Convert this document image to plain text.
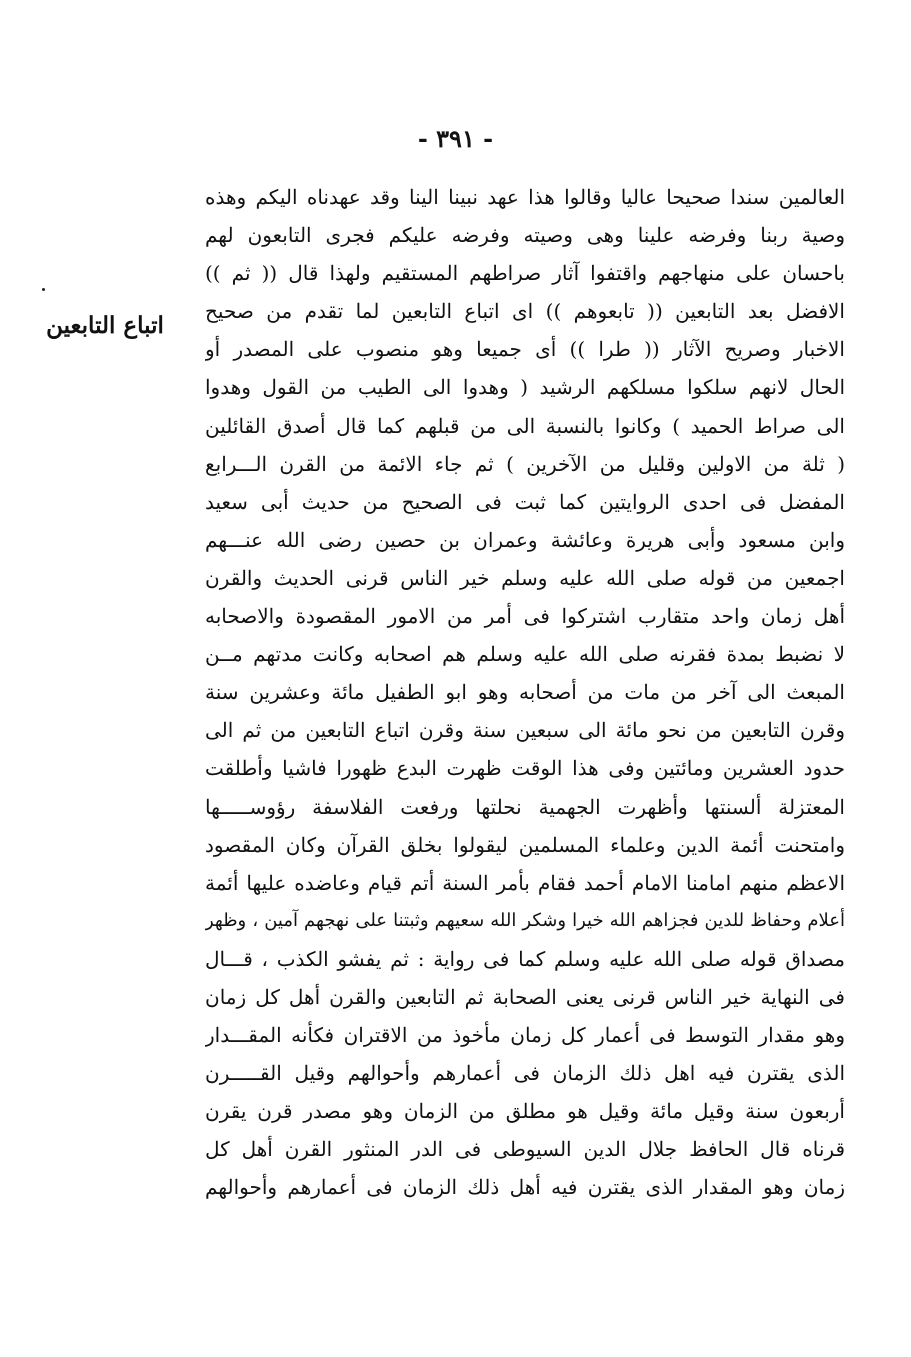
- ٣٩١ -
اتباع التابعين
العالمين سندا صحيحا عاليا وقالوا هذا عهد نبينا الينا وقد عهدناه اليكم وهذه
وصية ربنا وفرضه علينا وهى وصيته وفرضه عليكم فجرى التابعون لهم
باحسان على منهاجهم واقتفوا آثار صراطهم المستقيم ولهذا قال (( ثم ))
الافضل بعد التابعين (( تابعوهم )) اى اتباع التابعين لما تقدم من صحيح
الاخبار وصريح الآثار (( طرا )) أى جميعا وهو منصوب على المصدر أو
الحال لانهم سلكوا مسلكهم الرشيد ( وهدوا الى الطيب من القول وهدوا
الى صراط الحميد ) وكانوا بالنسبة الى من قبلهم كما قال أصدق القائلين
( ثلة من الاولين وقليل من الآخرين ) ثم جاء الائمة من القرن الـــرابع
المفضل فى احدى الروايتين كما ثبت فى الصحيح من حديث أبى سعيد
وابن مسعود وأبى هريرة وعائشة وعمران بن حصين رضى الله عنـــهم
اجمعين من قوله صلى الله عليه وسلم خير الناس قرنى الحديث والقرن
أهل زمان واحد متقارب اشتركوا فى أمر من الامور المقصودة والاصحابه
لا نضبط بمدة فقرنه صلى الله عليه وسلم هم اصحابه وكانت مدتهم مــن
المبعث الى آخر من مات من أصحابه وهو ابو الطفيل مائة وعشرين سنة
وقرن التابعين من نحو مائة الى سبعين سنة وقرن اتباع التابعين من ثم الى
حدود العشرين ومائتين وفى هذا الوقت ظهرت البدع ظهورا فاشيا وأطلقت
المعتزلة ألسنتها وأظهرت الجهمية نحلتها ورفعت الفلاسفة رؤوســـــها
وامتحنت أئمة الدين وعلماء المسلمين ليقولوا بخلق القرآن وكان المقصود
الاعظم منهم امامنا الامام أحمد فقام بأمر السنة أتم قيام وعاضده عليها أئمة
أعلام وحفاظ للدين فجزاهم الله خيرا وشكر الله سعيهم وثبتنا على نهجهم آمين ، وظهر
مصداق قوله صلى الله عليه وسلم كما فى رواية : ثم يفشو الكذب ، قـــال
فى النهاية خير الناس قرنى يعنى الصحابة ثم التابعين والقرن أهل كل زمان
وهو مقدار التوسط فى أعمار كل زمان مأخوذ من الاقتران فكأنه المقـــدار
الذى يقترن فيه اهل ذلك الزمان فى أعمارهم وأحوالهم وقيل القـــــرن
أربعون سنة وقيل مائة وقيل هو مطلق من الزمان وهو مصدر قرن يقرن
قرناه قال الحافظ جلال الدين السيوطى فى الدر المنثور القرن أهل كل
زمان وهو المقدار الذى يقترن فيه أهل ذلك الزمان فى أعمارهم وأحوالهم
